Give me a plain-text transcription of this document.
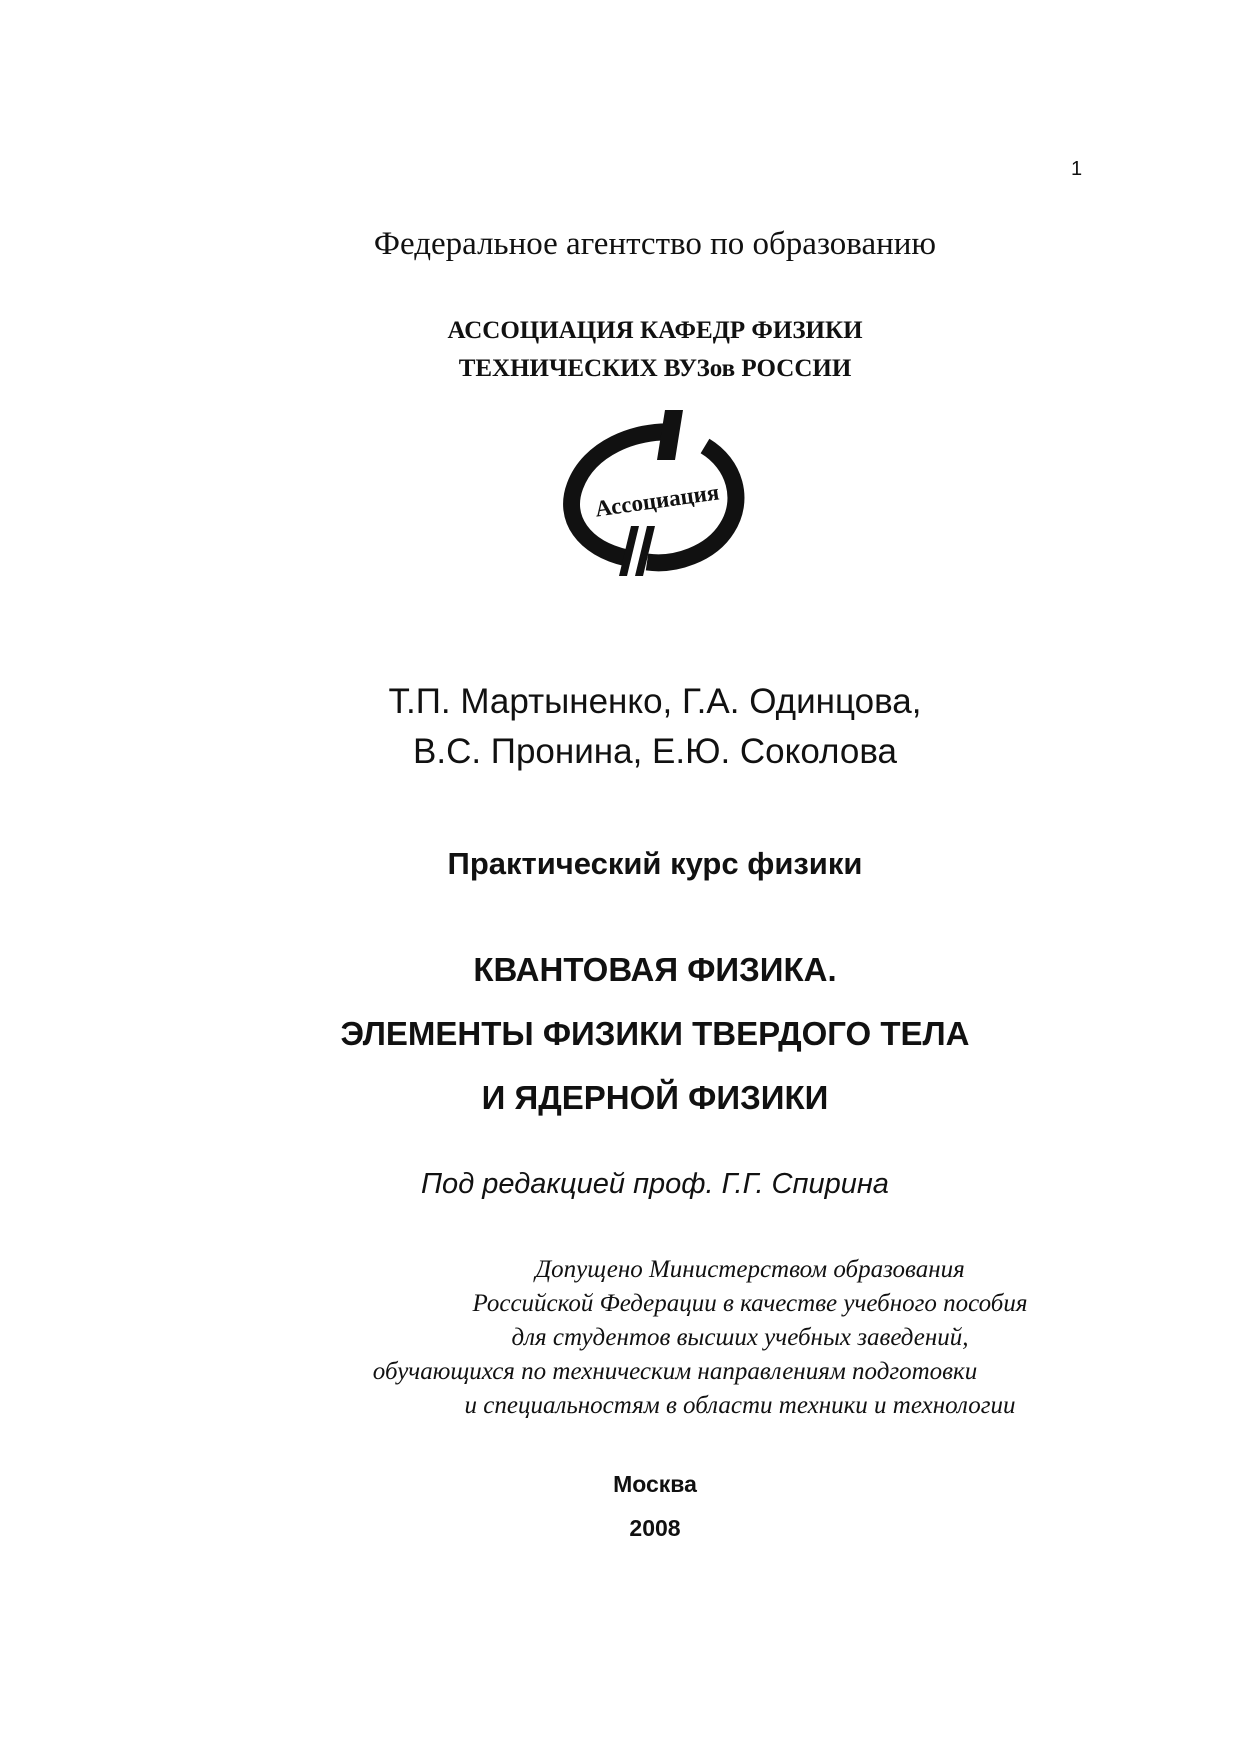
1
Федеральное агентство по образованию
АССОЦИАЦИЯ КАФЕДР ФИЗИКИ
ТЕХНИЧЕСКИХ ВУЗов РОССИИ
Ассоциация
Т.П. Мартыненко, Г.А. Одинцова,
В.С. Пронина, Е.Ю. Соколова
Практический курс физики
КВАНТОВАЯ ФИЗИКА.
ЭЛЕМЕНТЫ ФИЗИКИ ТВЕРДОГО ТЕЛА
И ЯДЕРНОЙ ФИЗИКИ
Под редакцией проф. Г.Г. Спирина
Допущено Министерством образования
Российской Федерации в качестве учебного пособия
для студентов высших учебных заведений,
обучающихся по техническим направлениям подготовки
и специальностям в области техники и технологии
Москва
2008
